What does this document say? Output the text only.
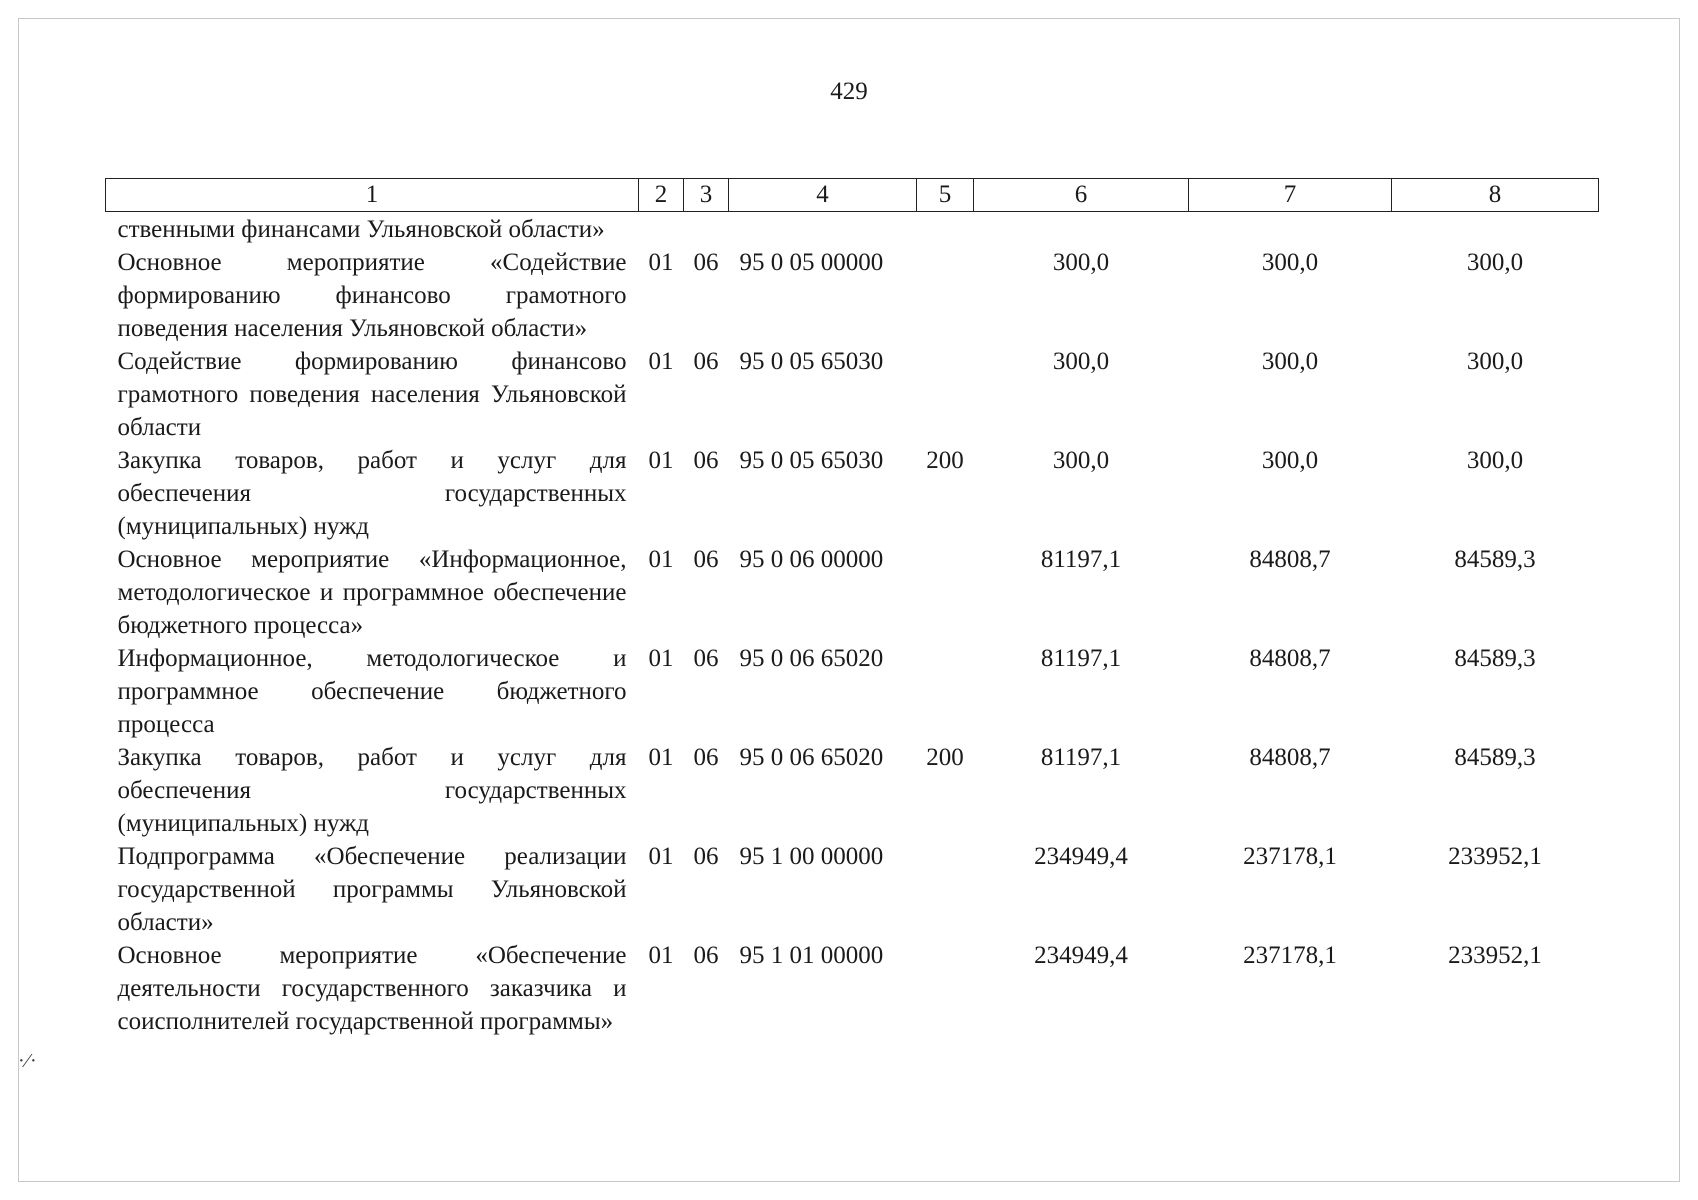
429
·⁄·
1	2	3	4	5	6	7	8
ственными финансами Ульяновской области»							
Основное мероприятие «Содействие формированию финансово грамотного поведения населения Ульяновской области»	01	06	95 0 05 00000		300,0	300,0	300,0
Содействие формированию финансово грамотного поведения населения Ульяновской области	01	06	95 0 05 65030		300,0	300,0	300,0
Закупка товаров, работ и услуг для обеспечения государственных (муниципальных) нужд	01	06	95 0 05 65030	200	300,0	300,0	300,0
Основное мероприятие «Информационное, методологическое и программное обеспечение бюджетного процесса»	01	06	95 0 06 00000		81197,1	84808,7	84589,3
Информационное, методологическое и программное обеспечение бюджетного процесса	01	06	95 0 06 65020		81197,1	84808,7	84589,3
Закупка товаров, работ и услуг для обеспечения государственных (муниципальных) нужд	01	06	95 0 06 65020	200	81197,1	84808,7	84589,3
Подпрограмма «Обеспечение реализации государственной программы Ульяновской области»	01	06	95 1 00 00000		234949,4	237178,1	233952,1
Основное мероприятие «Обеспечение деятельности государственного заказчика и соисполнителей государственной программы»	01	06	95 1 01 00000		234949,4	237178,1	233952,1
